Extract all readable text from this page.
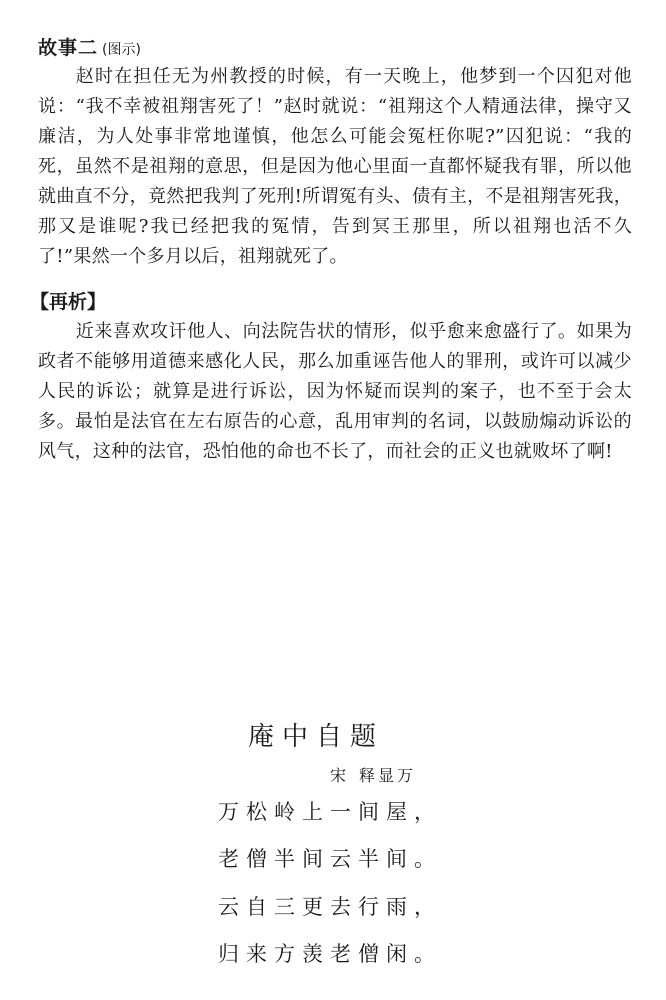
故事二 (图示)

赵时在担任无为州教授的时候，有一天晚上，他梦到一个囚犯对他说：“我不幸被祖翔害死了！”赵时就说：“祖翔这个人精通法律，操守又廉洁，为人处事非常地谨慎，他怎么可能会冤枉你呢?”囚犯说：“我的死，虽然不是祖翔的意思，但是因为他心里面一直都怀疑我有罪，所以他就曲直不分，竟然把我判了死刑!所谓冤有头、债有主，不是祖翔害死我，那又是谁呢?我已经把我的冤情，告到冥王那里，所以祖翔也活不久了!”果然一个多月以后，祖翔就死了。

【再析】

近来喜欢攻讦他人、向法院告状的情形，似乎愈来愈盛行了。如果为政者不能够用道德来感化人民，那么加重诬告他人的罪刑，或许可以减少人民的诉讼；就算是进行诉讼，因为怀疑而误判的案子，也不至于会太多。最怕是法官在左右原告的心意，乱用审判的名词，以鼓励煽动诉讼的风气，这种的法官，恐怕他的命也不长了，而社会的正义也就败坏了啊!

庵中自题
宋 释显万
万松岭上一间屋，
老僧半间云半间。
云自三更去行雨，
归来方羡老僧闲。
